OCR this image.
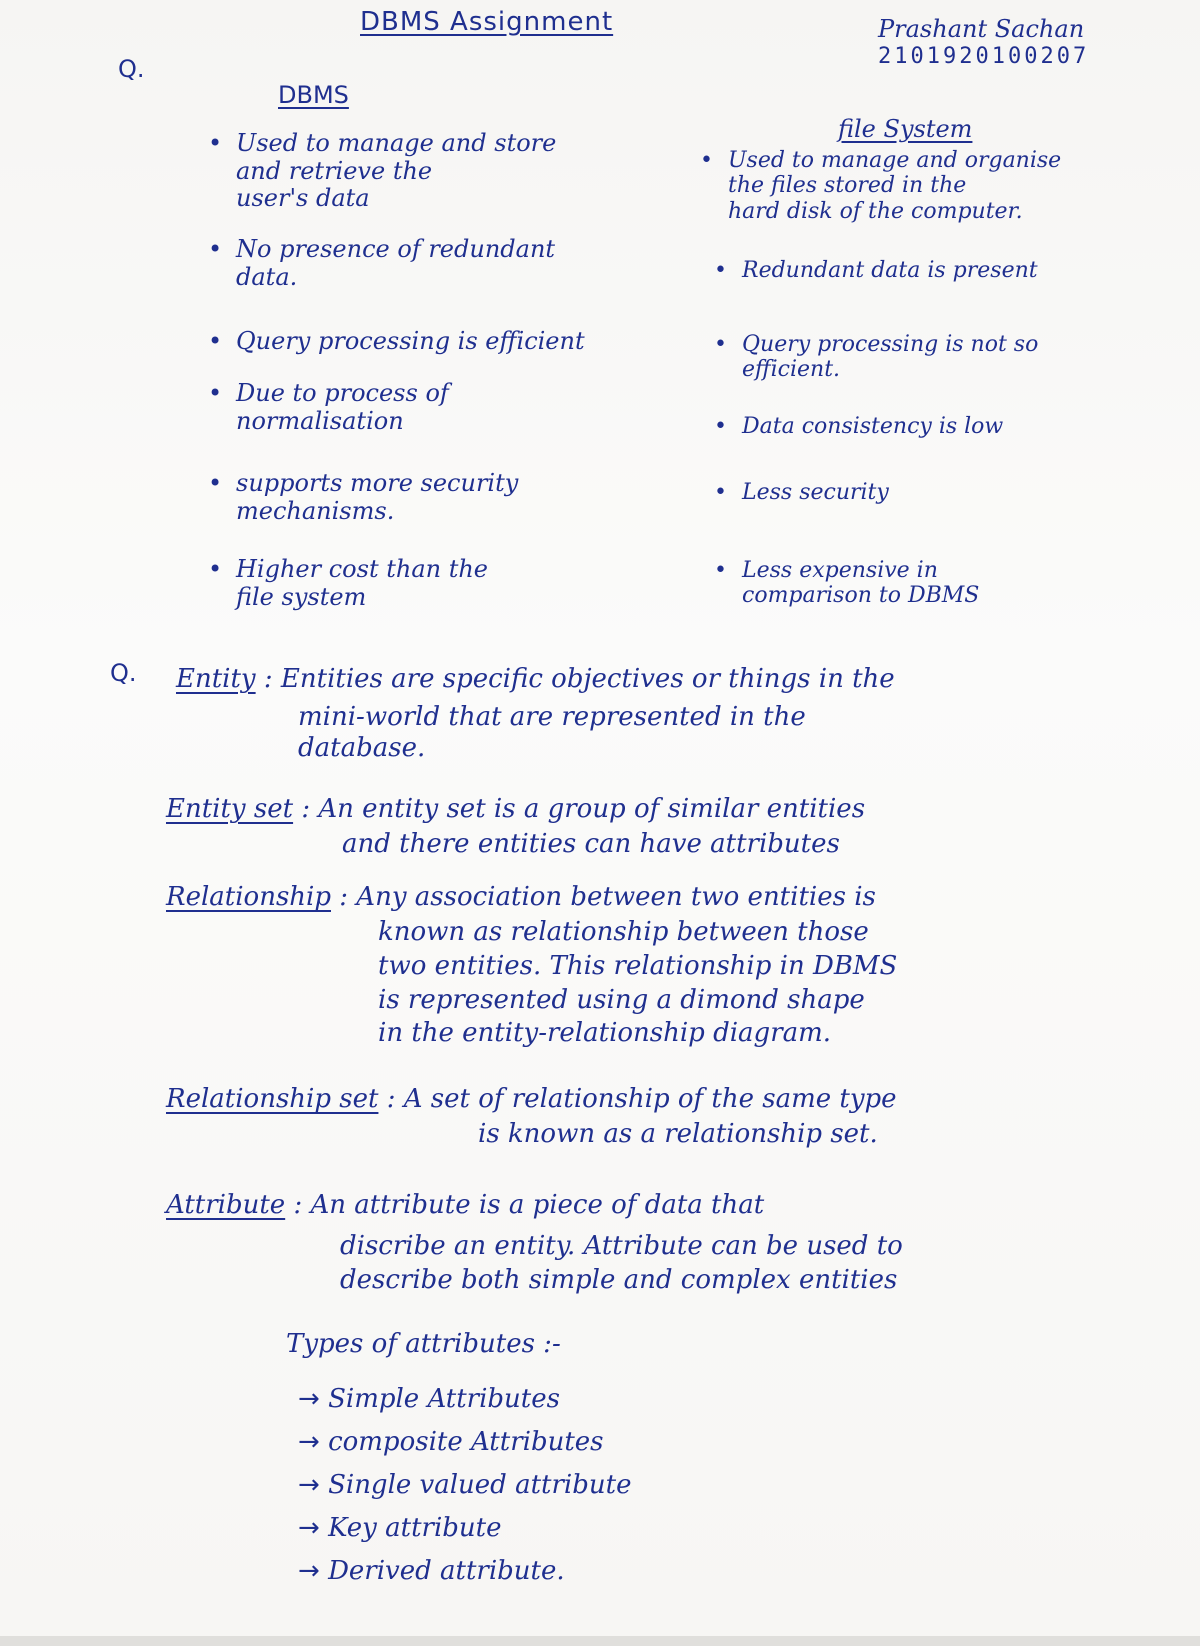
DBMS Assignment	Prashant Sachan
2101920100207
Q.
DBMS
file System
• Used to manage and store
and retrieve the
user's data
• No presence of redundant
data.
• Query processing is efficient
• Due to process of
normalisation
• supports more security
mechanisms.
• Higher cost than the
file system
• Used to manage and organise
the files stored in the
hard disk of the computer.
• Redundant data is present
• Query processing is not so
efficient.
• Data consistency is low
• Less security
• Less expensive in
comparison to DBMS
Q. Entity : Entities are specific objectives or things in the
mini-world that are represented in the
database.
Entity set : An entity set is a group of similar entities
and there entities can have attributes
Relationship : Any association between two entities is
known as relationship between those
two entities. This relationship in DBMS
is represented using a dimond shape
in the entity-relationship diagram.
Relationship set : A set of relationship of the same type
is known as a relationship set.
Attribute : An attribute is a piece of data that
discribe an entity. Attribute can be used to
describe both simple and complex entities
Types of attributes :-
→ Simple Attributes
→ composite Attributes
→ Single valued attribute
→ Key attribute
→ Derived attribute.
